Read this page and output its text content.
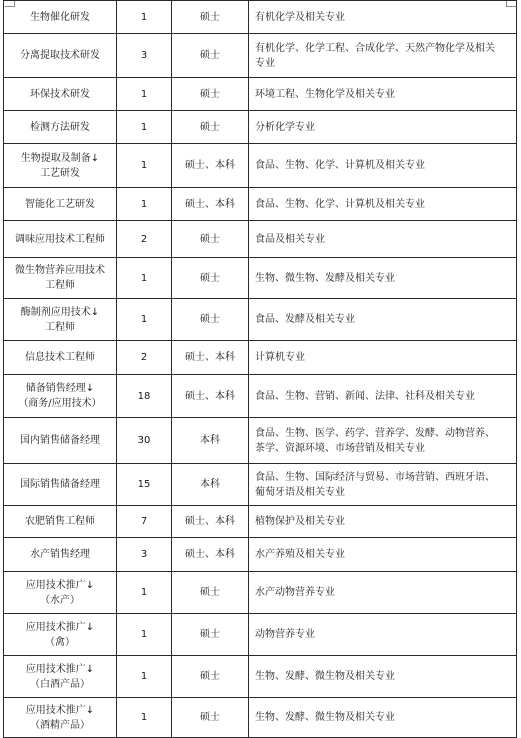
生物催化研发	1	硕士	有机化学及相关专业

分离提取技术研发	3	硕士	有机化学、化学工程、合成化学、天然产物化学及相关
专业

环保技术研发	1	硕士	环境工程、生物化学及相关专业

检测方法研发	1	硕士	分析化学专业

生物提取及制备↓
工艺研发	1	硕士、本科	食品、生物、化学、计算机及相关专业

智能化工艺研发	1	硕士、本科	食品、生物、化学、计算机及相关专业

调味应用技术工程师	2	硕士	食品及相关专业

微生物营养应用技术
工程师	1	硕士	生物、微生物、发酵及相关专业

酶制剂应用技术↓
工程师	1	硕士	食品、发酵及相关专业

信息技术工程师	2	硕士、本科	计算机专业

储备销售经理↓
（商务/应用技术）	18	硕士、本科	食品、生物、营销、新闻、法律、社科及相关专业

国内销售储备经理	30	本科	食品、生物、医学、药学、营养学、发酵、动物营养、
茶学、资源环境、市场营销及相关专业

国际销售储备经理	15	本科	食品、生物、国际经济与贸易、市场营销、西班牙语、
葡萄牙语及相关专业

农肥销售工程师	7	硕士、本科	植物保护及相关专业

水产销售经理	3	硕士、本科	水产养殖及相关专业

应用技术推广↓
（水产）	1	硕士	水产动物营养专业

应用技术推广↓
（禽）	1	硕士	动物营养专业

应用技术推广↓
（白酒产品）	1	硕士	生物、发酵、微生物及相关专业

应用技术推广↓
（酒精产品）	1	硕士	生物、发酵、微生物及相关专业
